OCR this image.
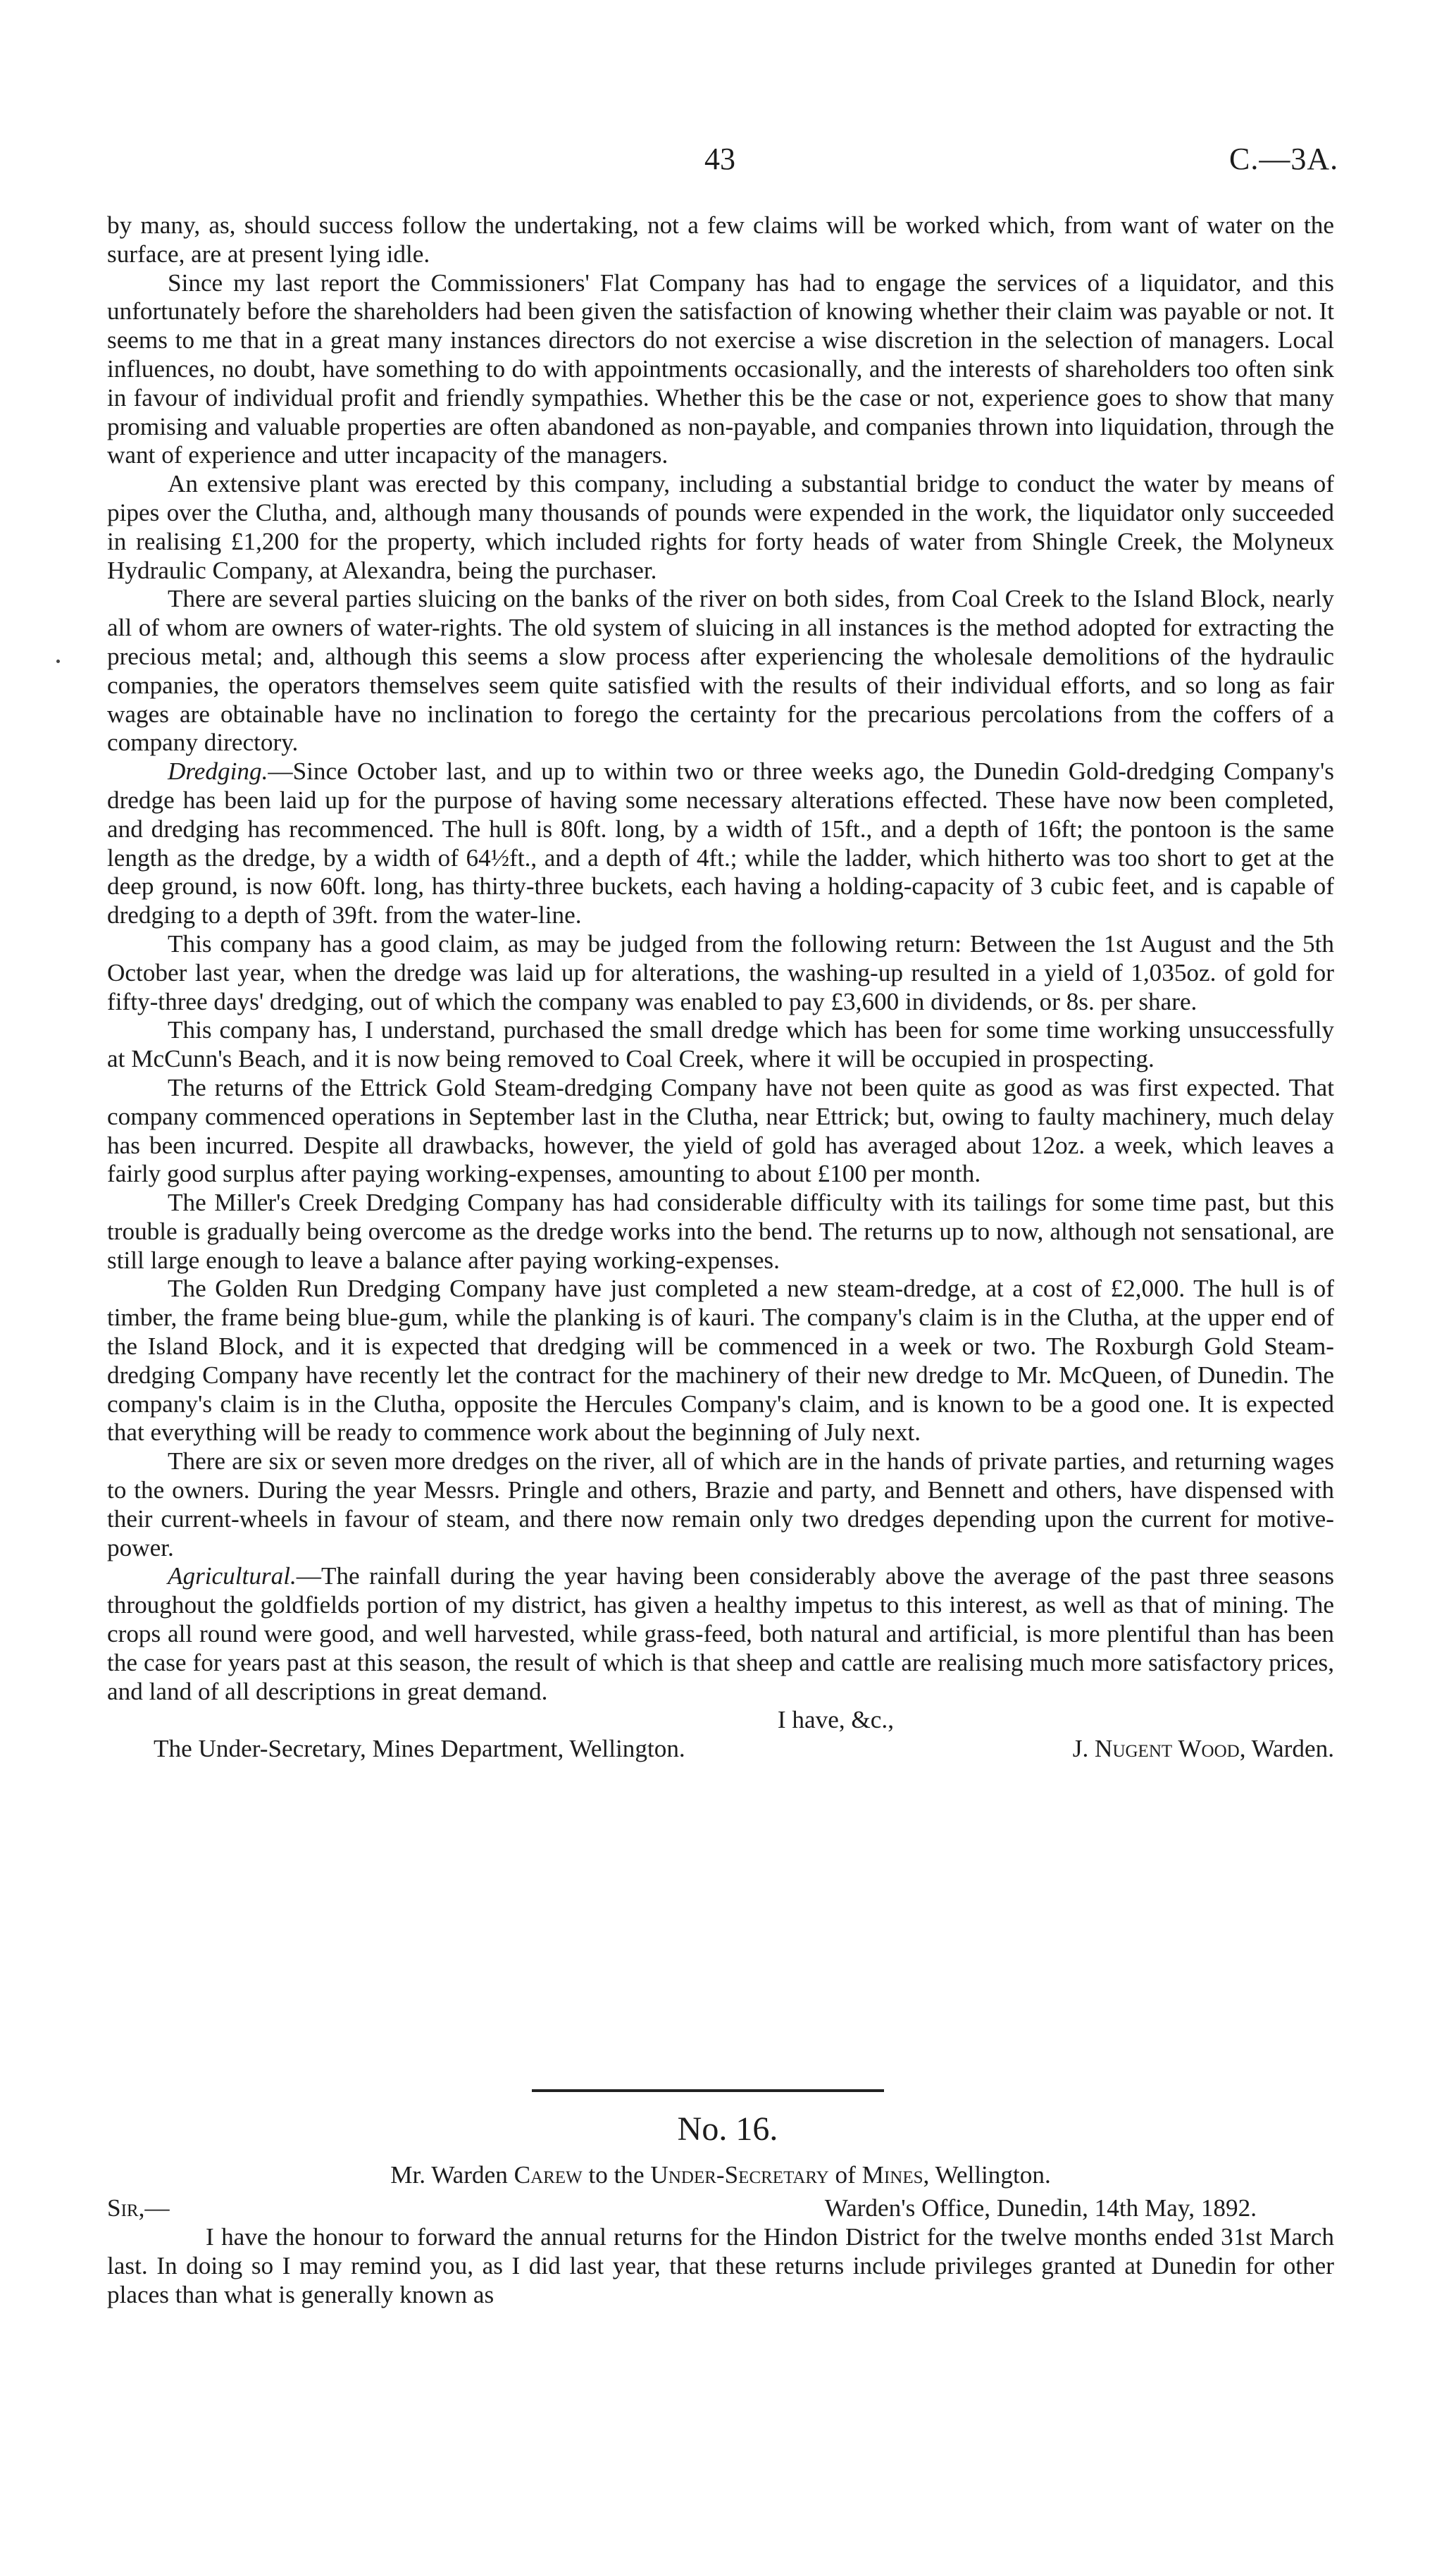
43	C.—3A.

by many, as, should success follow the undertaking, not a few claims will be worked which, from want of water on the surface, are at present lying idle.

Since my last report the Commissioners' Flat Company has had to engage the services of a liquidator, and this unfortunately before the shareholders had been given the satisfaction of knowing whether their claim was payable or not. It seems to me that in a great many instances directors do not exercise a wise discretion in the selection of managers. Local influences, no doubt, have something to do with appointments occasionally, and the interests of shareholders too often sink in favour of individual profit and friendly sympathies. Whether this be the case or not, experience goes to show that many promising and valuable properties are often abandoned as non-payable, and companies thrown into liquidation, through the want of experience and utter incapacity of the managers.

An extensive plant was erected by this company, including a substantial bridge to conduct the water by means of pipes over the Clutha, and, although many thousands of pounds were expended in the work, the liquidator only succeeded in realising £1,200 for the property, which included rights for forty heads of water from Shingle Creek, the Molyneux Hydraulic Company, at Alexandra, being the purchaser.

There are several parties sluicing on the banks of the river on both sides, from Coal Creek to the Island Block, nearly all of whom are owners of water-rights. The old system of sluicing in all instances is the method adopted for extracting the precious metal; and, although this seems a slow process after experiencing the wholesale demolitions of the hydraulic companies, the operators themselves seem quite satisfied with the results of their individual efforts, and so long as fair wages are obtainable have no inclination to forego the certainty for the precarious percolations from the coffers of a company directory.

Dredging.—Since October last, and up to within two or three weeks ago, the Dunedin Gold-dredging Company's dredge has been laid up for the purpose of having some necessary alterations effected. These have now been completed, and dredging has recommenced. The hull is 80ft. long, by a width of 15ft., and a depth of 16ft; the pontoon is the same length as the dredge, by a width of 64½ft., and a depth of 4ft.; while the ladder, which hitherto was too short to get at the deep ground, is now 60ft. long, has thirty-three buckets, each having a holding-capacity of 3 cubic feet, and is capable of dredging to a depth of 39ft. from the water-line.

This company has a good claim, as may be judged from the following return: Between the 1st August and the 5th October last year, when the dredge was laid up for alterations, the washing-up resulted in a yield of 1,035oz. of gold for fifty-three days' dredging, out of which the company was enabled to pay £3,600 in dividends, or 8s. per share.

This company has, I understand, purchased the small dredge which has been for some time working unsuccessfully at McCunn's Beach, and it is now being removed to Coal Creek, where it will be occupied in prospecting.

The returns of the Ettrick Gold Steam-dredging Company have not been quite as good as was first expected. That company commenced operations in September last in the Clutha, near Ettrick; but, owing to faulty machinery, much delay has been incurred. Despite all drawbacks, however, the yield of gold has averaged about 12oz. a week, which leaves a fairly good surplus after paying working-expenses, amounting to about £100 per month.

The Miller's Creek Dredging Company has had considerable difficulty with its tailings for some time past, but this trouble is gradually being overcome as the dredge works into the bend. The returns up to now, although not sensational, are still large enough to leave a balance after paying working-expenses.

The Golden Run Dredging Company have just completed a new steam-dredge, at a cost of £2,000. The hull is of timber, the frame being blue-gum, while the planking is of kauri. The company's claim is in the Clutha, at the upper end of the Island Block, and it is expected that dredging will be commenced in a week or two. The Roxburgh Gold Steam-dredging Company have recently let the contract for the machinery of their new dredge to Mr. McQueen, of Dunedin. The company's claim is in the Clutha, opposite the Hercules Company's claim, and is known to be a good one. It is expected that everything will be ready to commence work about the beginning of July next.

There are six or seven more dredges on the river, all of which are in the hands of private parties, and returning wages to the owners. During the year Messrs. Pringle and others, Brazie and party, and Bennett and others, have dispensed with their current-wheels in favour of steam, and there now remain only two dredges depending upon the current for motive-power.

Agricultural.—The rainfall during the year having been considerably above the average of the past three seasons throughout the goldfields portion of my district, has given a healthy impetus to this interest, as well as that of mining. The crops all round were good, and well harvested, while grass-feed, both natural and artificial, is more plentiful than has been the case for years past at this season, the result of which is that sheep and cattle are realising much more satisfactory prices, and land of all descriptions in great demand.

I have, &c.,
The Under-Secretary, Mines Department, Wellington.	J. Nugent Wood, Warden.
No. 16.
Mr. Warden Carew to the Under-Secretary of Mines, Wellington.
Sir,—	Warden's Office, Dunedin, 14th May, 1892.

I have the honour to forward the annual returns for the Hindon District for the twelve months ended 31st March last. In doing so I may remind you, as I did last year, that these returns include privileges granted at Dunedin for other places than what is generally known as
